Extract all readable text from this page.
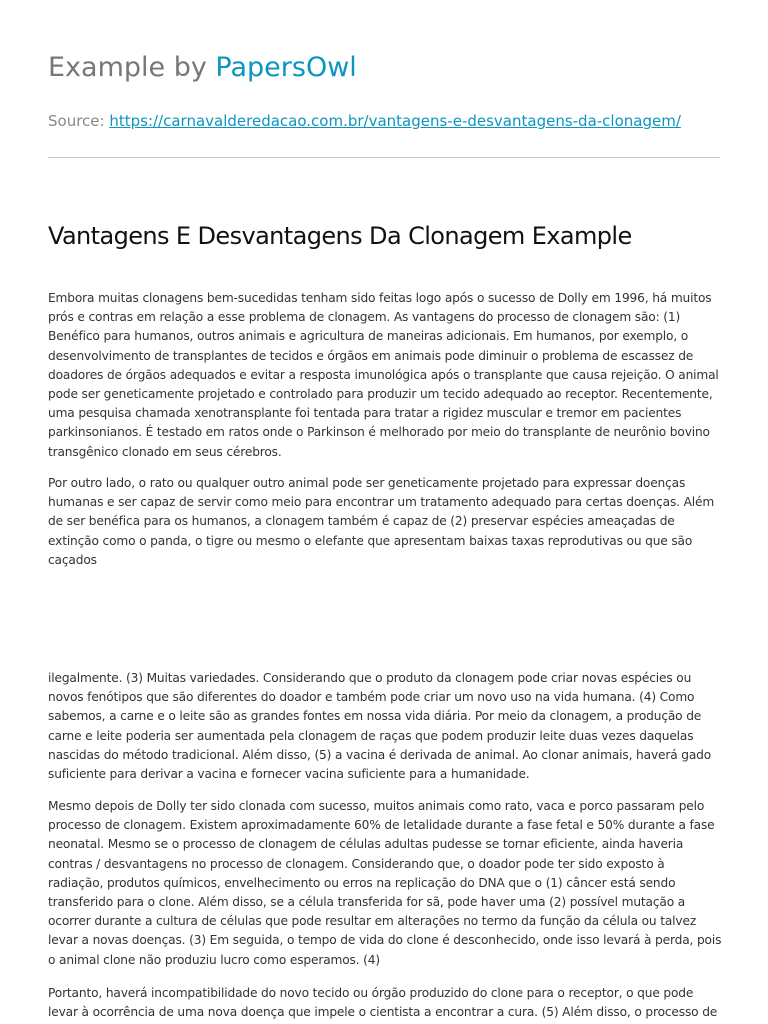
Example by PapersOwl
Source: https://carnavalderedacao.com.br/vantagens-e-desvantagens-da-clonagem/
Vantagens E Desvantagens Da Clonagem Example

Embora muitas clonagens bem-sucedidas tenham sido feitas logo após o sucesso de Dolly em 1996, há muitos prós e contras em relação a esse problema de clonagem. As vantagens do processo de clonagem são: (1) Benéfico para humanos, outros animais e agricultura de maneiras adicionais. Em humanos, por exemplo, o desenvolvimento de transplantes de tecidos e órgãos em animais pode diminuir o problema de escassez de doadores de órgãos adequados e evitar a resposta imunológica após o transplante que causa rejeição. O animal pode ser geneticamente projetado e controlado para produzir um tecido adequado ao receptor. Recentemente, uma pesquisa chamada xenotransplante foi tentada para tratar a rigidez muscular e tremor em pacientes parkinsonianos. É testado em ratos onde o Parkinson é melhorado por meio do transplante de neurônio bovino transgênico clonado em seus cérebros.

Por outro lado, o rato ou qualquer outro animal pode ser geneticamente projetado para expressar doenças humanas e ser capaz de servir como meio para encontrar um tratamento adequado para certas doenças. Além de ser benéfica para os humanos, a clonagem também é capaz de (2) preservar espécies ameaçadas de extinção como o panda, o tigre ou mesmo o elefante que apresentam baixas taxas reprodutivas ou que são caçados

ilegalmente. (3) Muitas variedades. Considerando que o produto da clonagem pode criar novas espécies ou novos fenótipos que são diferentes do doador e também pode criar um novo uso na vida humana. (4) Como sabemos, a carne e o leite são as grandes fontes em nossa vida diária. Por meio da clonagem, a produção de carne e leite poderia ser aumentada pela clonagem de raças que podem produzir leite duas vezes daquelas nascidas do método tradicional. Além disso, (5) a vacina é derivada de animal. Ao clonar animais, haverá gado suficiente para derivar a vacina e fornecer vacina suficiente para a humanidade.

Mesmo depois de Dolly ter sido clonada com sucesso, muitos animais como rato, vaca e porco passaram pelo processo de clonagem. Existem aproximadamente 60% de letalidade durante a fase fetal e 50% durante a fase neonatal. Mesmo se o processo de clonagem de células adultas pudesse se tornar eficiente, ainda haveria contras / desvantagens no processo de clonagem. Considerando que, o doador pode ter sido exposto à radiação, produtos químicos, envelhecimento ou erros na replicação do DNA que o (1) câncer está sendo transferido para o clone. Além disso, se a célula transferida for sã, pode haver uma (2) possível mutação a ocorrer durante a cultura de células que pode resultar em alterações no termo da função da célula ou talvez levar a novas doenças. (3) Em seguida, o tempo de vida do clone é desconhecido, onde isso levará à perda, pois o animal clone não produziu lucro como esperamos. (4)

Portanto, haverá incompatibilidade do novo tecido ou órgão produzido do clone para o receptor, o que pode levar à ocorrência de uma nova doença que impele o cientista a encontrar a cura. (5) Além disso, o processo de
